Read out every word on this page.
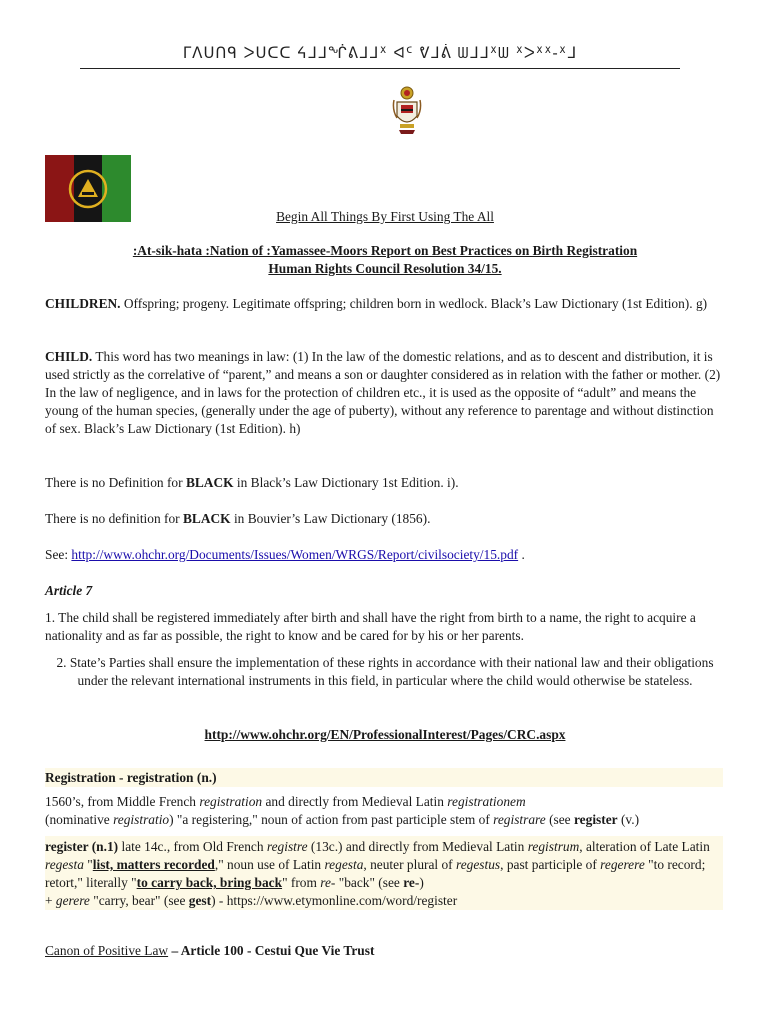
ᒥᐱᑌᑎᑫ ᐳᑌᑕᑕ ᔦᒧᒧᖐᕕᒧᒧᕽ ᐊᑦ ᕓᒧᕖ ᗯᒧᒧᕽᗯ ᕽᐳᕽᕽ-ᕽᒧ
Begin All Things By First Using The All
:At-sik-hata :Nation of :Yamassee-Moors Report on Best Practices on Birth Registration
Human Rights Council Resolution 34/15.
CHILDREN. Offspring; progeny. Legitimate offspring; children born in wedlock. Black’s Law Dictionary (1st Edition). g)
CHILD. This word has two meanings in law: (1) In the law of the domestic relations, and as to descent and distribution, it is used strictly as the correlative of “parent,” and means a son or daughter considered as in relation with the father or mother. (2) In the law of negligence, and in laws for the protection of children etc., it is used as the opposite of “adult” and means the young of the human species, (generally under the age of puberty), without any reference to parentage and without distinction of sex. Black’s Law Dictionary (1st Edition). h)
There is no Definition for BLACK in Black’s Law Dictionary 1st Edition. i).
There is no definition for BLACK in Bouvier’s Law Dictionary (1856).
See: http://www.ohchr.org/Documents/Issues/Women/WRGS/Report/civilsociety/15.pdf .
Article 7
1. The child shall be registered immediately after birth and shall have the right from birth to a name, the right to acquire a nationality and as far as possible, the right to know and be cared for by his or her parents.
2. State’s Parties shall ensure the implementation of these rights in accordance with their national law and their obligations under the relevant international instruments in this field, in particular where the child would otherwise be stateless.
http://www.ohchr.org/EN/ProfessionalInterest/Pages/CRC.aspx
Registration - registration (n.)
1560’s, from Middle French registration and directly from Medieval Latin registrationem
(nominative registratio) "a registering," noun of action from past participle stem of registrare (see register (v.)
register (n.1) late 14c., from Old French registre (13c.) and directly from Medieval Latin registrum, alteration of Late Latin regesta "list, matters recorded," noun use of Latin regesta, neuter plural of regestus, past participle of regerere "to record; retort," literally "to carry back, bring back" from re- "back" (see re-)
+ gerere "carry, bear" (see gest) - https://www.etymonline.com/word/register
Canon of Positive Law – Article 100 - Cestui Que Vie Trust
